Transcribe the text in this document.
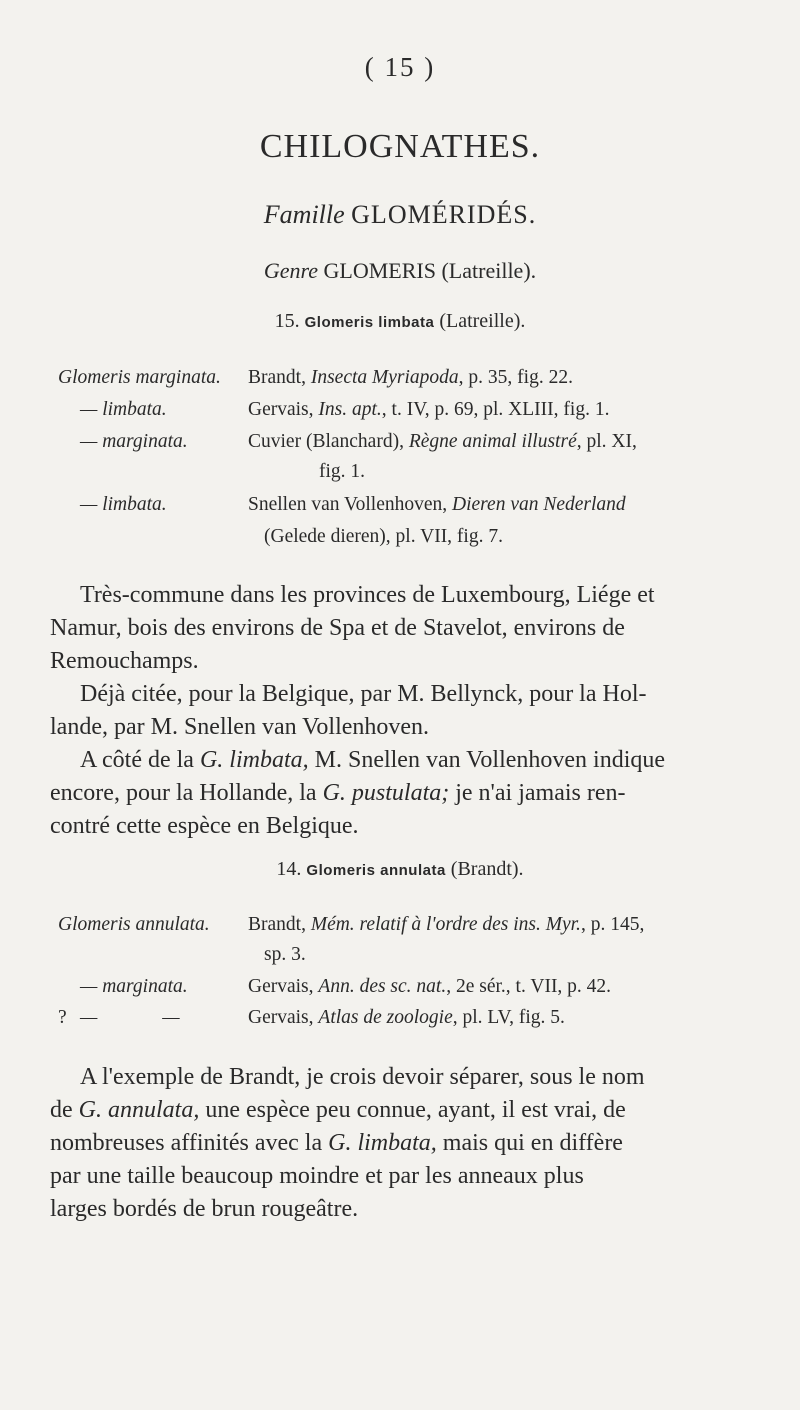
( 15 )
CHILOGNATHES.
Famille GLOMÉRIDÉS.
Genre GLOMERIS (Latreille).
15. Glomeris limbata (Latreille).
Glomeris marginata. Brandt, Insecta Myriapoda, p. 35, fig. 22.
— limbata.	Gervais, Ins. apt., t. IV, p. 69, pl. XLIII, fig. 1.
— marginata.	Cuvier (Blanchard), Règne animal illustré, pl. XI,
fig. 1.
— limbata.	Snellen van Vollenhoven, Dieren van Nederland
(Gelede dieren), pl. VII, fig. 7.
Très-commune dans les provinces de Luxembourg, Liége et
Namur, bois des environs de Spa et de Stavelot, environs de
Remouchamps.
Déjà citée, pour la Belgique, par M. Bellynck, pour la Hol-
lande, par M. Snellen van Vollenhoven.
A côté de la G. limbata, M. Snellen van Vollenhoven indique
encore, pour la Hollande, la G. pustulata; je n'ai jamais ren-
contré cette espèce en Belgique.
14. Glomeris annulata (Brandt).
Glomeris annulata. Brandt, Mém. relatif à l'ordre des ins. Myr., p. 145,
sp. 3.
— marginata.	Gervais, Ann. des sc. nat., 2e sér., t. VII, p. 42.
? — —	Gervais, Atlas de zoologie, pl. LV, fig. 5.
A l'exemple de Brandt, je crois devoir séparer, sous le nom
de G. annulata, une espèce peu connue, ayant, il est vrai, de
nombreuses affinités avec la G. limbata, mais qui en diffère
par une taille beaucoup moindre et par les anneaux plus
larges bordés de brun rougeâtre.
